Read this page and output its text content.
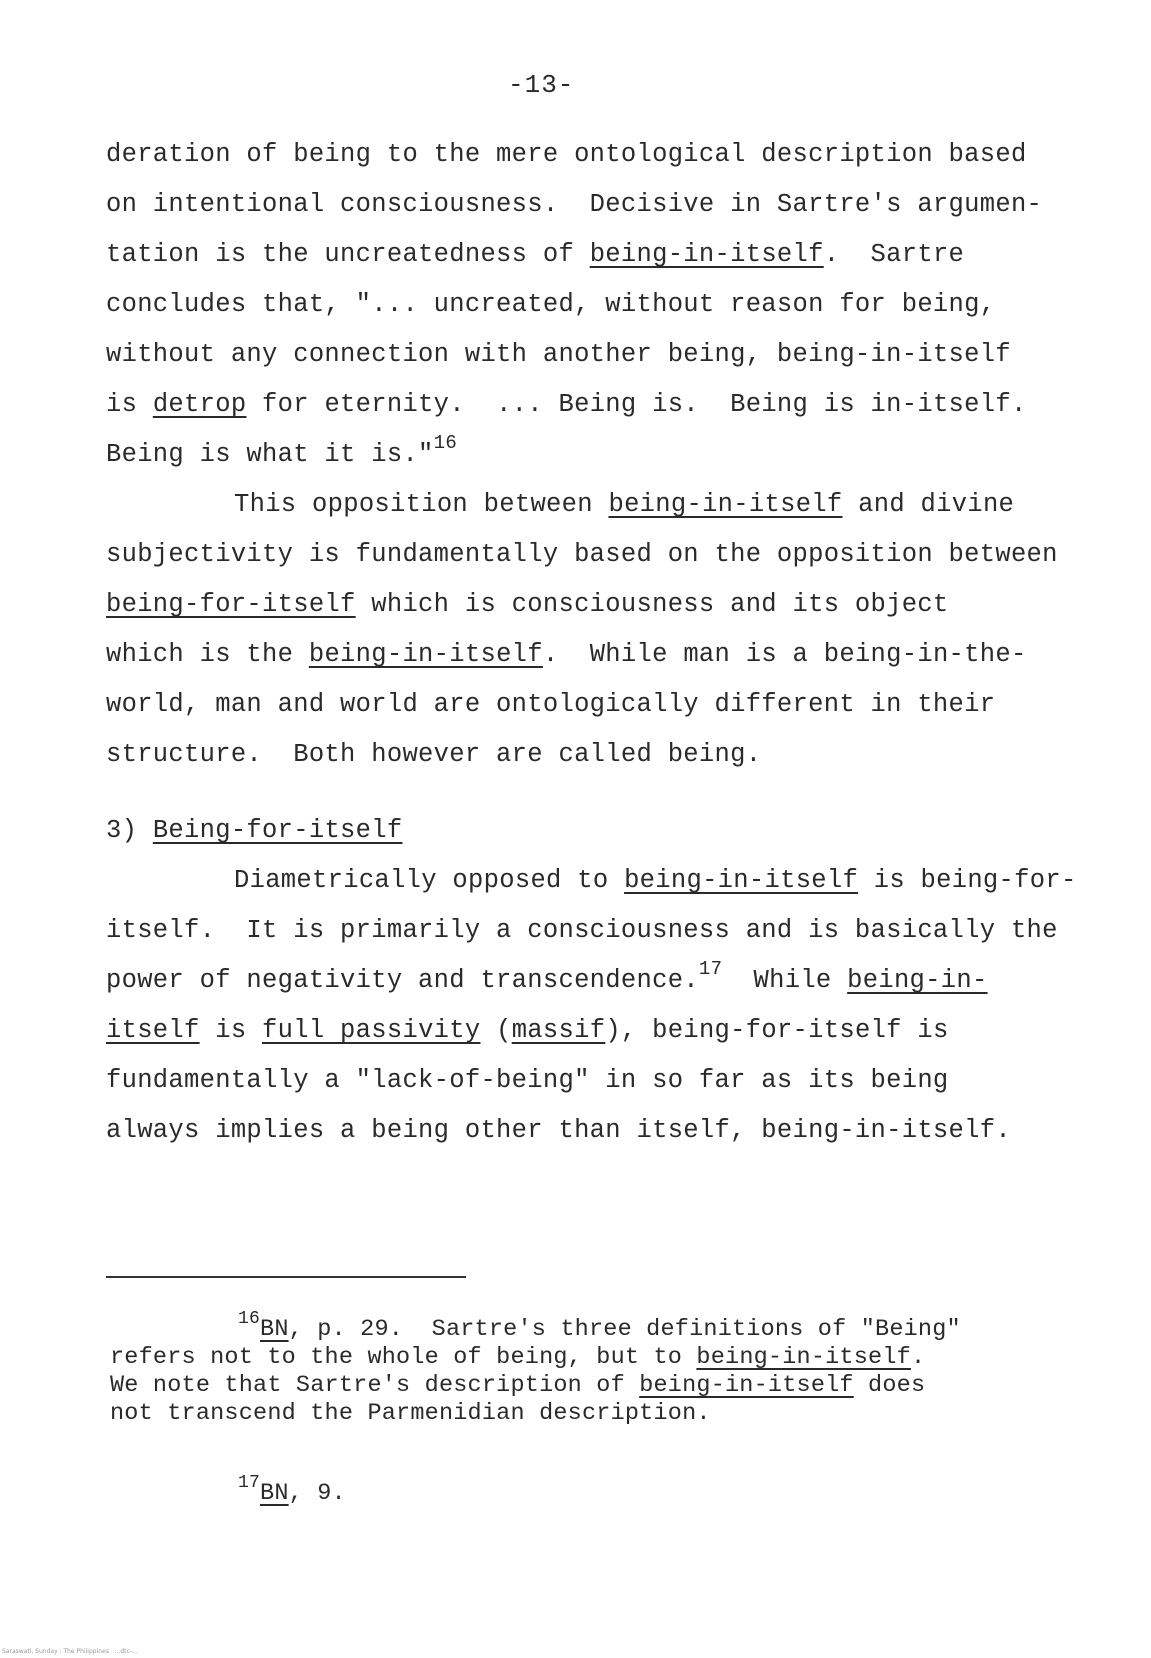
-13-
deration of being to the mere ontological description based
on intentional consciousness.  Decisive in Sartre's argumen-
tation is the uncreatedness of being-in-itself.  Sartre
concludes that, "... uncreated, without reason for being,
without any connection with another being, being-in-itself
is detrop for eternity.  ... Being is.  Being is in-itself.
Being is what it is."$^{16}$
This opposition between being-in-itself and divine
subjectivity is fundamentally based on the opposition between
being-for-itself which is consciousness and its object
which is the being-in-itself.  While man is a being-in-the-
world, man and world are ontologically different in their
structure.  Both however are called being.
3) Being-for-itself
Diametrically opposed to being-in-itself is being-for-
itself.  It is primarily a consciousness and is basically the
power of negativity and transcendence.$^{17}$  While being-in-
itself is full passivity (massif), being-for-itself is
fundamentally a "lack-of-being" in so far as its being
always implies a being other than itself, being-in-itself.
$^{16}$BN, p. 29.  Sartre's three definitions of "Being"
refers not to the whole of being, but to being-in-itself.
We note that Sartre's description of being-in-itself does
not transcend the Parmenidian description.
$^{17}$BN, 9.
Saraswati, Sunday : The Philippines   ...dtc-...
